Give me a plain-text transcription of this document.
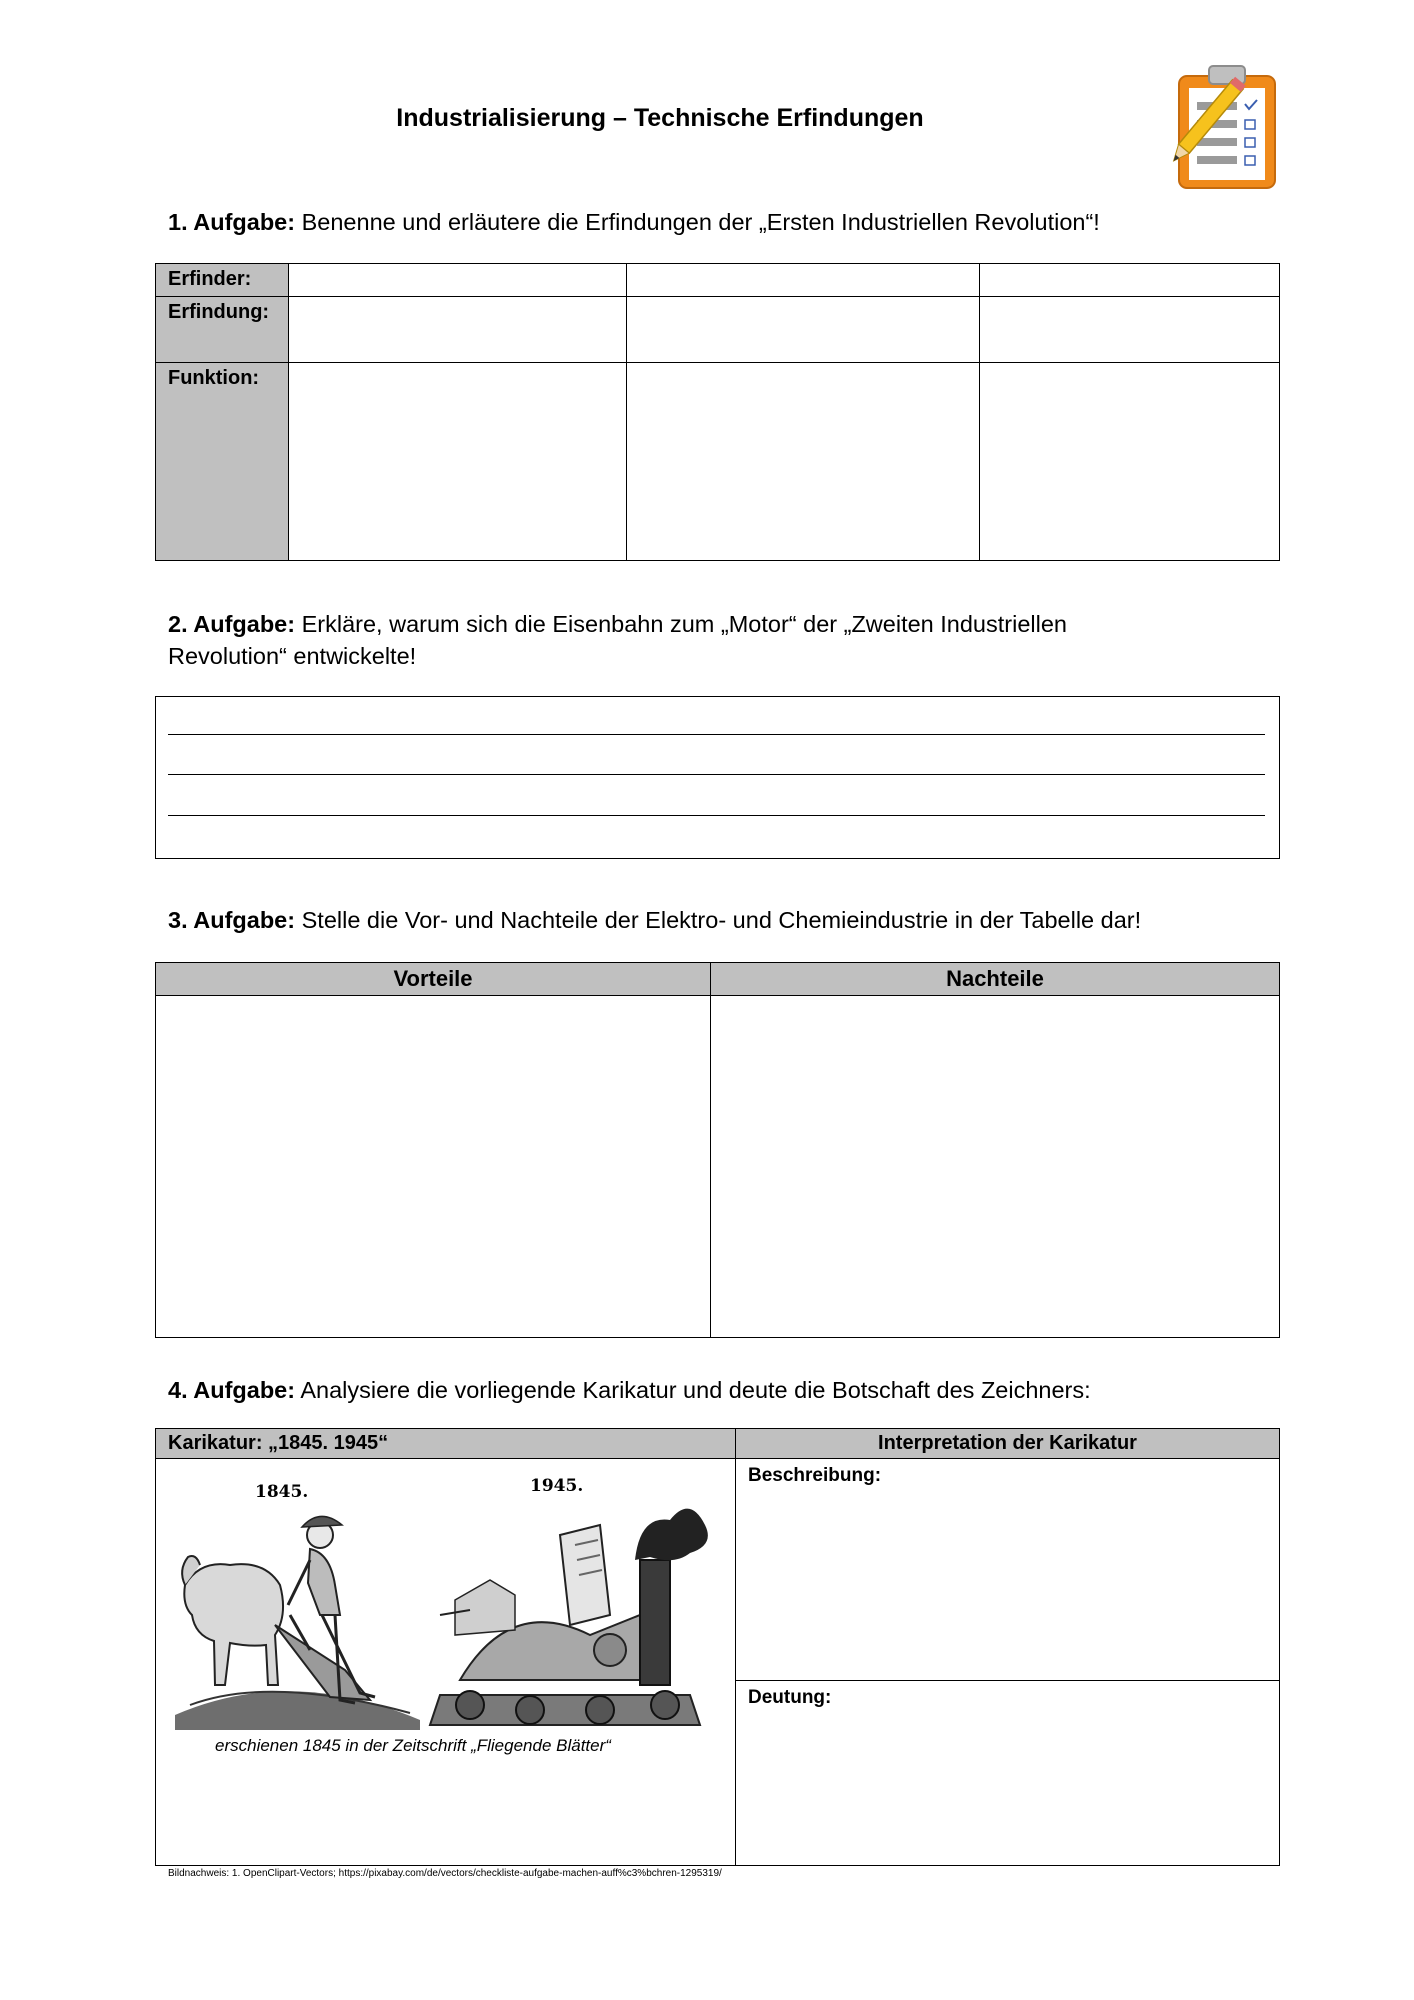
Industrialisierung – Technische Erfindungen
1. Aufgabe: Benenne und erläutere die Erfindungen der „Ersten Industriellen Revolution“!
Erfinder:			
Erfindung:			
Funktion:			
2. Aufgabe: Erkläre, warum sich die Eisenbahn zum „Motor“ der „Zweiten Industriellen Revolution“ entwickelte!
3. Aufgabe: Stelle die Vor- und Nachteile der Elektro- und Chemieindustrie in der Tabelle dar!
Vorteile	Nachteile

4. Aufgabe: Analysiere die vorliegende Karikatur und deute die Botschaft des Zeichners:
Karikatur: „1845. 1945“	Interpretation der Karikatur

	Beschreibung:

	Deutung:
1845.	1945.
erschienen 1845 in der Zeitschrift „Fliegende Blätter“
Bildnachweis: 1. OpenClipart-Vectors; https://pixabay.com/de/vectors/checkliste-aufgabe-machen-auff%c3%bchren-1295319/
